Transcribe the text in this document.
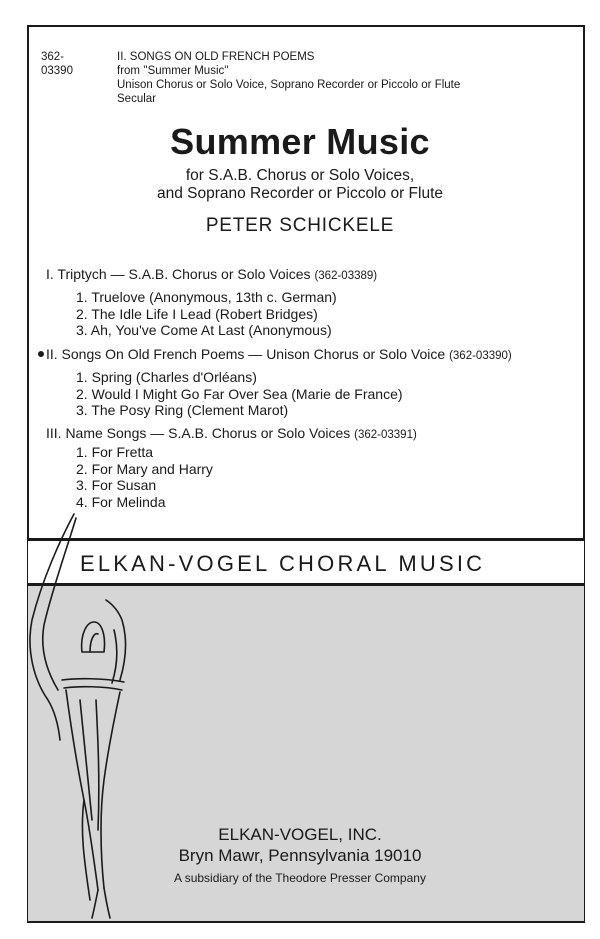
362-03390
II. SONGS ON OLD FRENCH POEMS
from ''Summer Music''
Unison Chorus or Solo Voice, Soprano Recorder or Piccolo or Flute
Secular
Summer Music
for S.A.B. Chorus or Solo Voices,
and Soprano Recorder or Piccolo or Flute
PETER SCHICKELE
I. Triptych — S.A.B. Chorus or Solo Voices (362-03389)
1. Truelove (Anonymous, 13th c. German)
2. The Idle Life I Lead (Robert Bridges)
3. Ah, You've Come At Last (Anonymous)
II. Songs On Old French Poems — Unison Chorus or Solo Voice (362-03390)
1. Spring (Charles d'Orléans)
2. Would I Might Go Far Over Sea (Marie de France)
3. The Posy Ring (Clement Marot)
III. Name Songs — S.A.B. Chorus or Solo Voices (362-03391)
1. For Fretta
2. For Mary and Harry
3. For Susan
4. For Melinda
ELKAN-VOGEL CHORAL MUSIC
ELKAN-VOGEL, INC.
Bryn Mawr, Pennsylvania 19010
A subsidiary of the Theodore Presser Company
